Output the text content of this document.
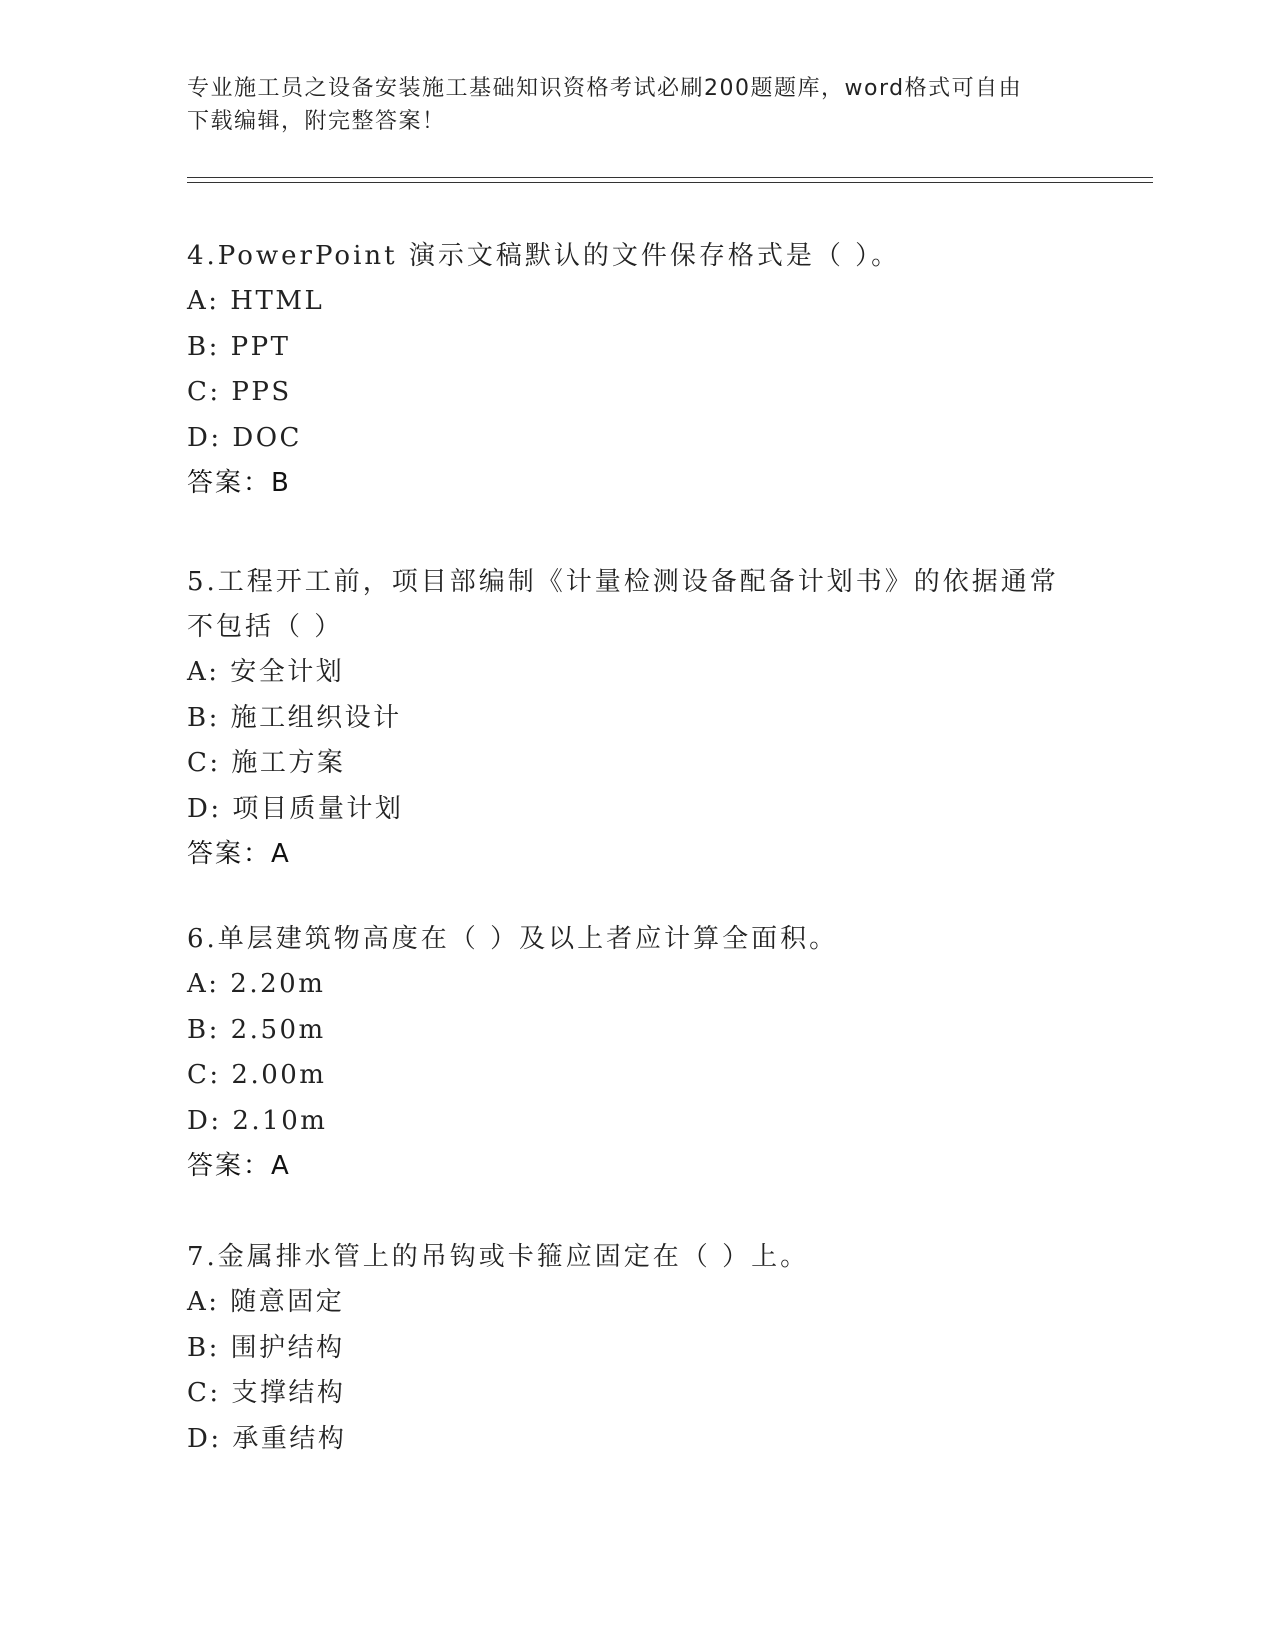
专业施工员之设备安装施工基础知识资格考试必刷200题题库，word格式可自由
下载编辑，附完整答案！
4.PowerPoint 演示文稿默认的文件保存格式是（ ）。
A: HTML
B: PPT
C: PPS
D: DOC
答案：B
5.工程开工前，项目部编制《计量检测设备配备计划书》的依据通常
不包括（ ）
A: 安全计划
B: 施工组织设计
C: 施工方案
D: 项目质量计划
答案：A
6.单层建筑物高度在（ ）及以上者应计算全面积。
A: 2.20m
B: 2.50m
C: 2.00m
D: 2.10m
答案：A
7.金属排水管上的吊钩或卡箍应固定在（ ）上。
A: 随意固定
B: 围护结构
C: 支撑结构
D: 承重结构
